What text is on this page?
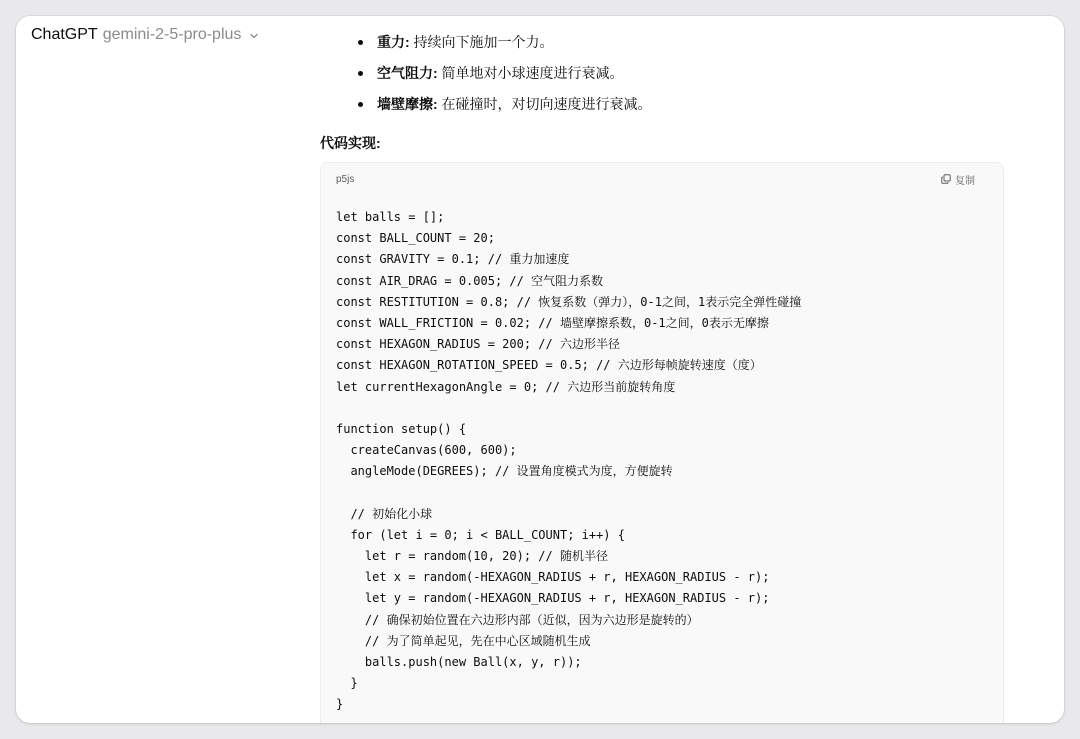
ChatGPT gemini-2-5-pro-plus	重力: 持续向下施加一个力。
空气阻力: 简单地对小球速度进行衰减。
墙壁摩擦: 在碰撞时，对切向速度进行衰减。
代码实现:
p5js	复制
let balls = [];
const BALL_COUNT = 20;
const GRAVITY = 0.1; // 重力加速度
const AIR_DRAG = 0.005; // 空气阻力系数
const RESTITUTION = 0.8; // 恢复系数（弹力），0-1之间，1表示完全弹性碰撞
const WALL_FRICTION = 0.02; // 墙壁摩擦系数，0-1之间，0表示无摩擦
const HEXAGON_RADIUS = 200; // 六边形半径
const HEXAGON_ROTATION_SPEED = 0.5; // 六边形每帧旋转速度（度）
let currentHexagonAngle = 0; // 六边形当前旋转角度
function setup() {
createCanvas(600, 600);
angleMode(DEGREES); // 设置角度模式为度，方便旋转
// 初始化小球
for (let i = 0; i < BALL_COUNT; i++) {
let r = random(10, 20); // 随机半径
let x = random(-HEXAGON_RADIUS + r, HEXAGON_RADIUS - r);
let y = random(-HEXAGON_RADIUS + r, HEXAGON_RADIUS - r);
// 确保初始位置在六边形内部（近似，因为六边形是旋转的）
// 为了简单起见，先在中心区域随机生成
balls.push(new Ball(x, y, r));
}
}
